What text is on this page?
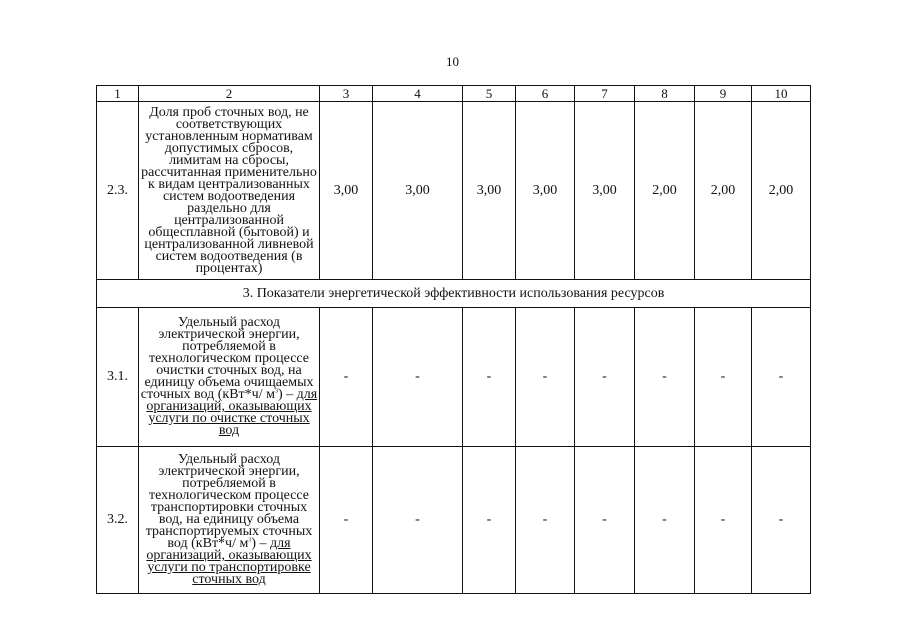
10
1	2	3	4	5	6	7	8	9	10
2.3.	Доля проб сточных вод, не соответствующих установленным нормативам допустимых сбросов, лимитам на сбросы, рассчитанная применительно к видам централизованных систем водоотведения раздельно для централизованной общесплавной (бытовой) и централизованной ливневой систем водоотведения (в процентах)	3,00	3,00	3,00	3,00	3,00	2,00	2,00	2,00
3. Показатели энергетической эффективности использования ресурсов									
3.1.	Удельный расход электрической энергии, потребляемой в технологическом процессе очистки сточных вод, на единицу объема очищаемых сточных вод (кВт*ч/ $м^3$) – для организаций, оказывающих услуги по очистке сточных вод	-	-	-	-	-	-	-	-
3.2.	Удельный расход электрической энергии, потребляемой в технологическом процессе транспортировки сточных вод, на единицу объема транспортируемых сточных вод (кВт*ч/ $м^3$) – для организаций, оказывающих услуги по транспортировке сточных вод	-	-	-	-	-	-	-	-
